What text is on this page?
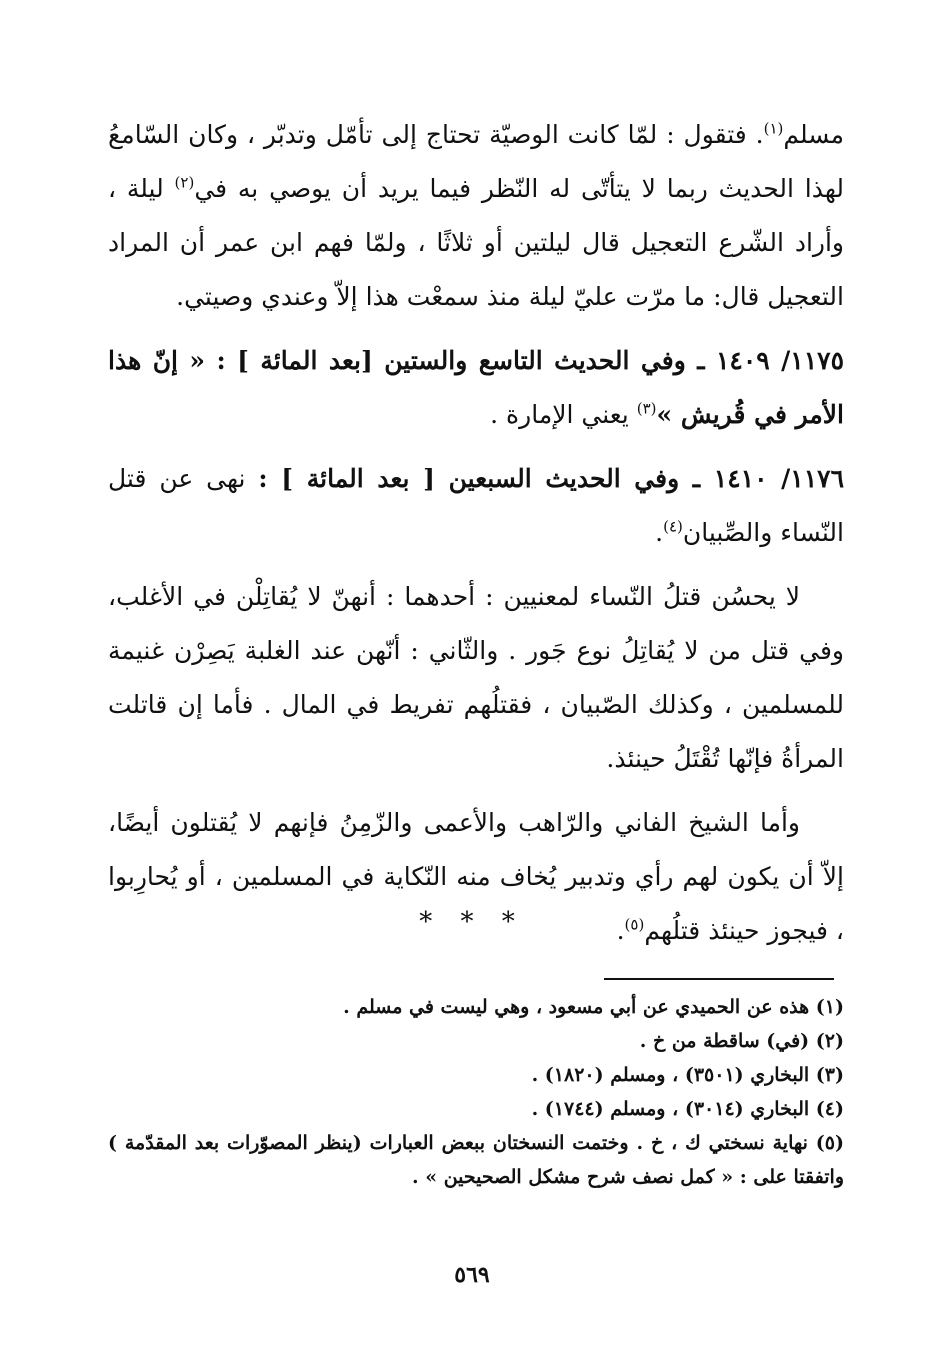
مسلم$^{(١)}$. فتقول : لمّا كانت الوصيّة تحتاج إلى تأمّل وتدبّر ، وكان السّامعُ لهذا الحديث ربما لا يتأتّى له النّظر فيما يريد أن يوصي به في$^{(٢)}$ ليلة ، وأراد الشّرع التعجيل قال ليلتين أو ثلاثًا ، ولمّا فهم ابن عمر أن المراد التعجيل قال: ما مرّت عليّ ليلة منذ سمعْت هذا إلاّ وعندي وصيتي.

١١٧٥/ ١٤٠٩ ـ وفي الحديث التاسع والستين [بعد المائة ] : « إنّ هذا الأمر في قُريش »$^{(٣)}$ يعني الإمارة .

١١٧٦/ ١٤١٠ ـ وفي الحديث السبعين [ بعد المائة ] : نهى عن قتل النّساء والصِّبيان$^{(٤)}$.

لا يحسُن قتلُ النّساء لمعنيين : أحدهما : أنهنّ لا يُقاتِلْن في الأغلب، وفي قتل من لا يُقاتِلُ نوع جَور . والثّاني : أنّهن عند الغلبة يَصِرْن غنيمة للمسلمين ، وكذلك الصّبيان ، فقتلُهم تفريط في المال . فأما إن قاتلت المرأةُ فإنّها تُقْتَلُ حينئذ.

وأما الشيخ الفاني والرّاهب والأعمى والزّمِنُ فإنهم لا يُقتلون أيضًا، إلاّ أن يكون لهم رأي وتدبير يُخاف منه النّكاية في المسلمين ، أو يُحارِبوا ، فيجوز حينئذ قتلُهم$^{(٥)}$.

* * *

(١) هذه عن الحميدي عن أبي مسعود ، وهي ليست في مسلم .

(٢) (في) ساقطة من خ .

(٣) البخاري (٣٥٠١) ، ومسلم (١٨٢٠) .

(٤) البخاري (٣٠١٤) ، ومسلم (١٧٤٤) .

(٥) نهاية نسختي ك ، خ . وختمت النسختان ببعض العبارات (ينظر المصوّرات بعد المقدّمة ) واتفقتا على : « كمل نصف شرح مشكل الصحيحين » .

٥٦٩
